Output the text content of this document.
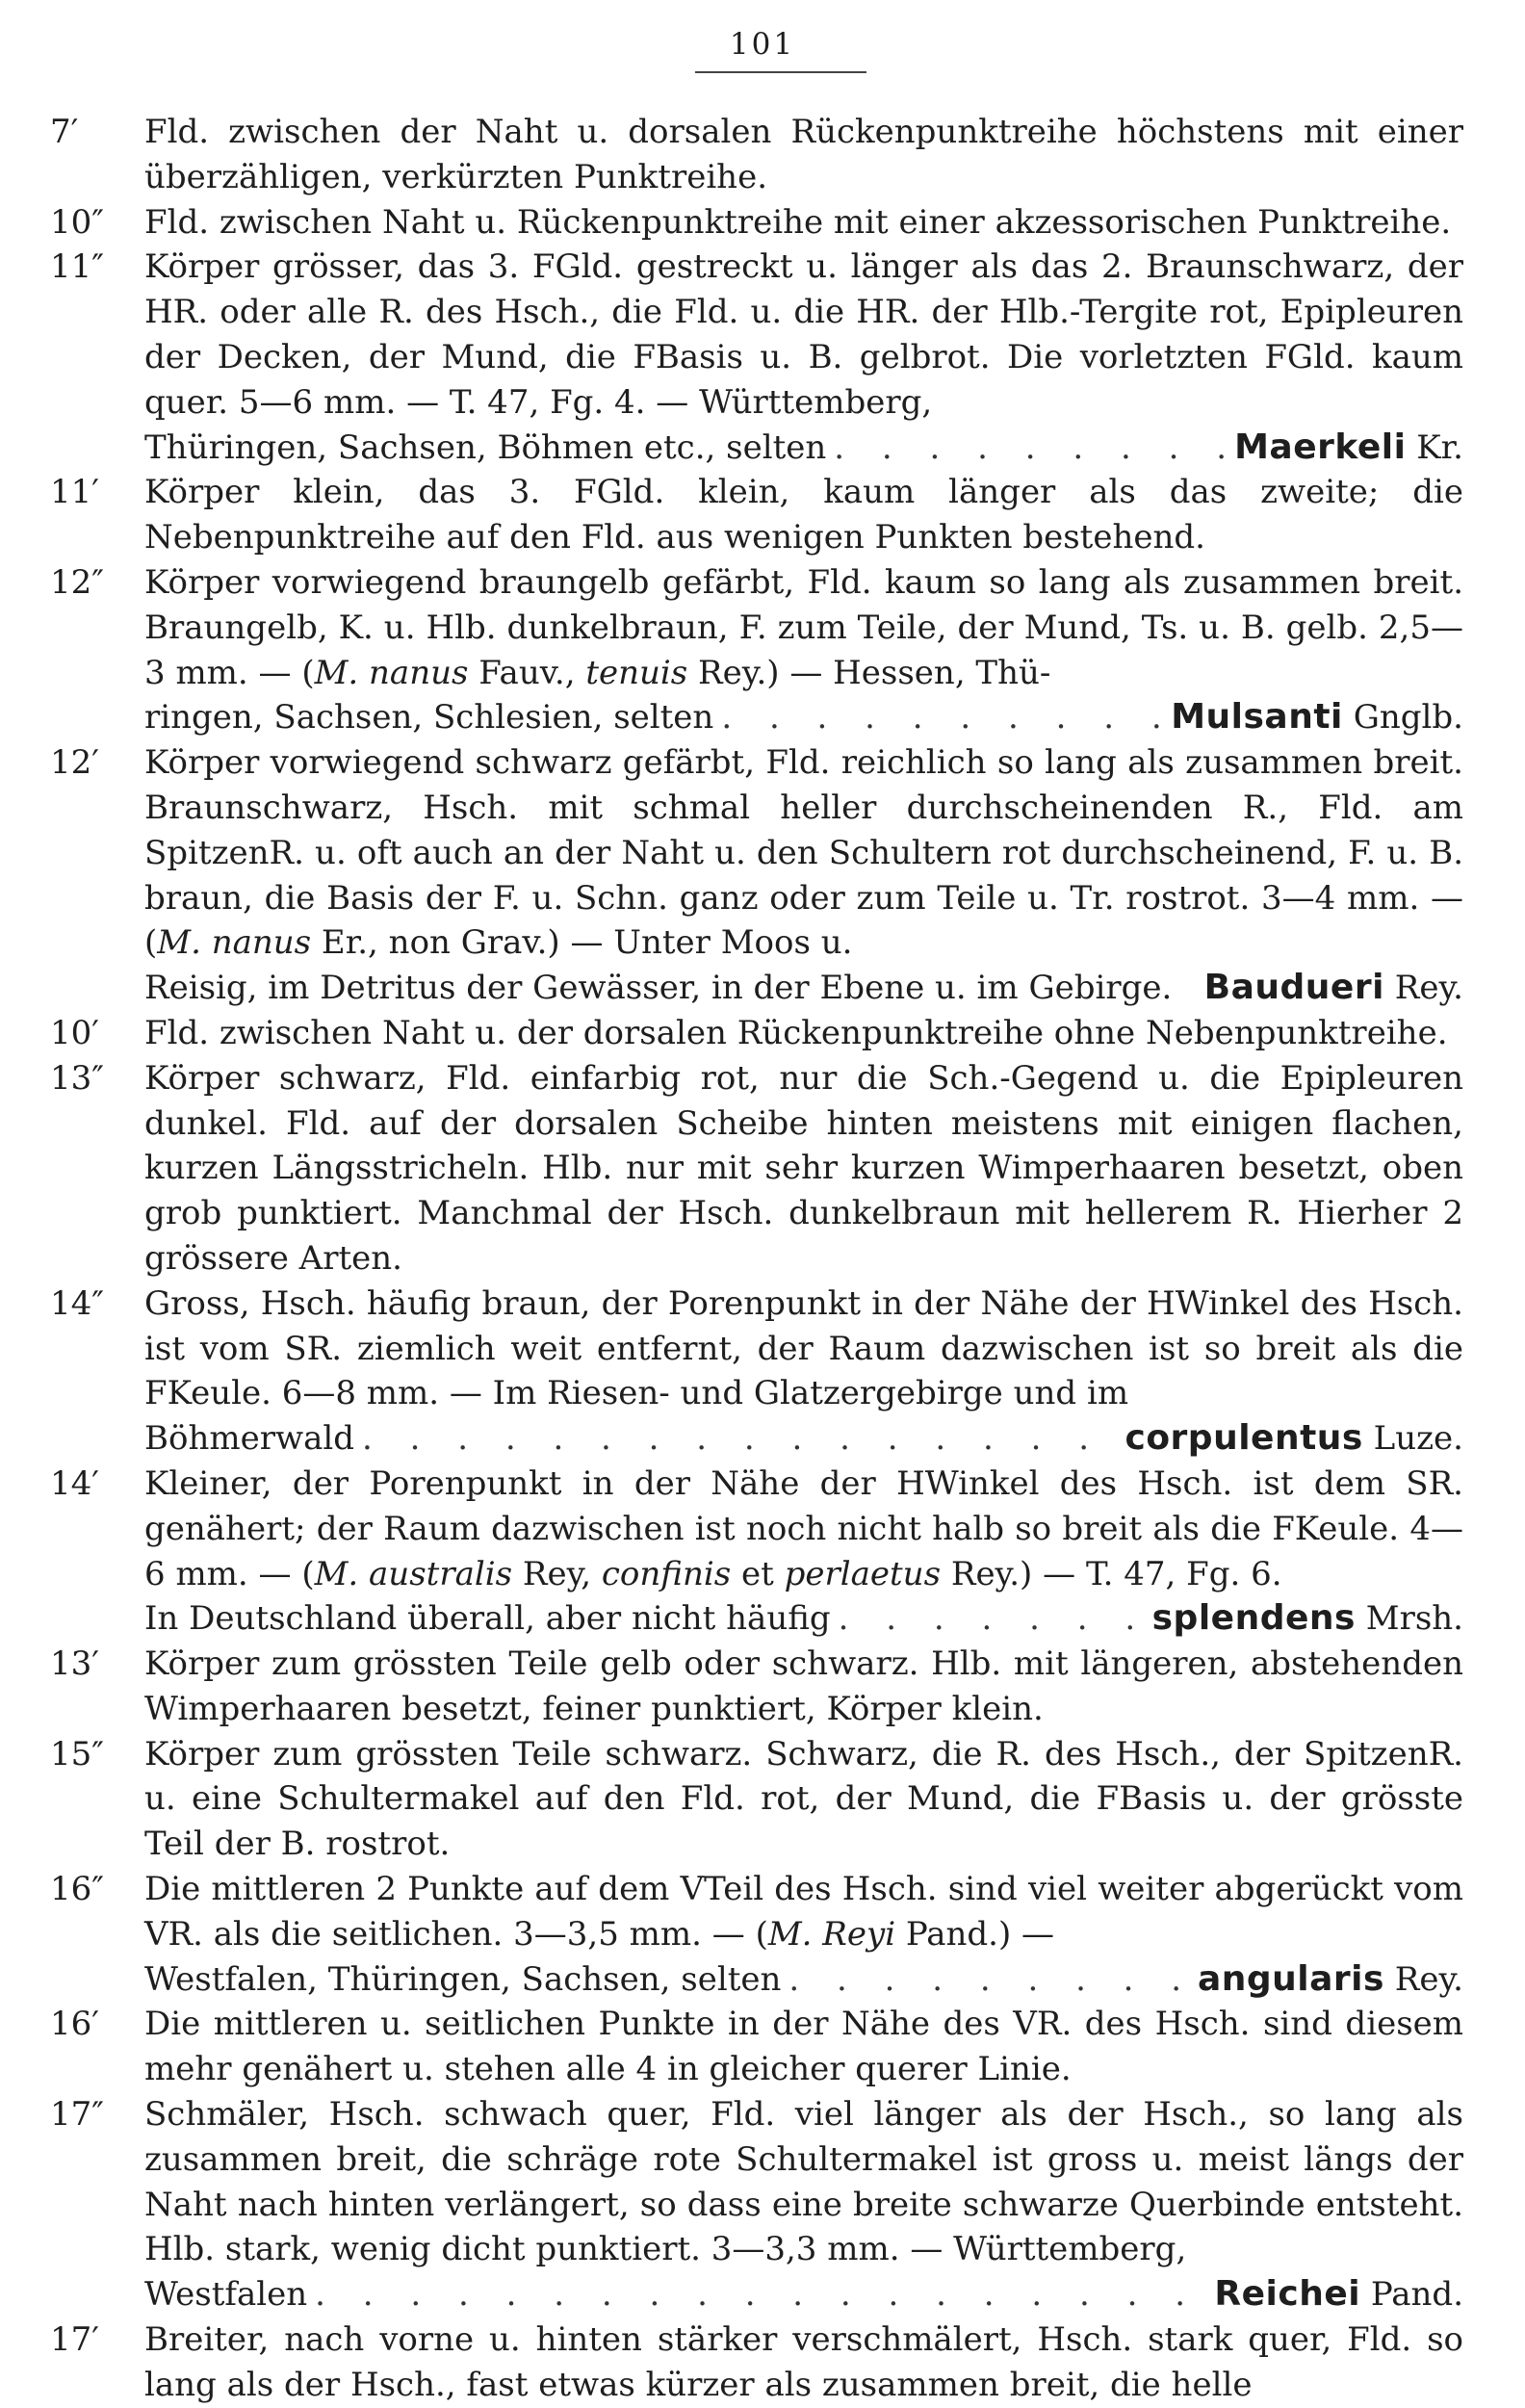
101
7′	Fld. zwischen der Naht u. dorsalen Rückenpunktreihe höchstens mit einer überzähligen, verkürzten Punktreihe.
10″	Fld. zwischen Naht u. Rückenpunktreihe mit einer akzessorischen Punktreihe.
11″	Körper grösser, das 3. FGld. gestreckt u. länger als das 2. Braunschwarz, der HR. oder alle R. des Hsch., die Fld. u. die HR. der Hlb.-Tergite rot, Epipleuren der Decken, der Mund, die FBasis u. B. gelbrot. Die vorletzten FGld. kaum quer. 5—6 mm. — T. 47, Fg. 4. — Württemberg,
Thüringen, Sachsen, Böhmen etc., selten . . .	Maerkeli Kr.
11′	Körper klein, das 3. FGld. klein, kaum länger als das zweite; die Nebenpunktreihe auf den Fld. aus wenigen Punkten bestehend.
12″	Körper vorwiegend braungelb gefärbt, Fld. kaum so lang als zusammen breit. Braungelb, K. u. Hlb. dunkelbraun, F. zum Teile, der Mund, Ts. u. B. gelb. 2,5—3 mm. — (M. nanus Fauv., tenuis Rey.) — Hessen, Thü-
ringen, Sachsen, Schlesien, selten . . .	Mulsanti Gnglb.
12′	Körper vorwiegend schwarz gefärbt, Fld. reichlich so lang als zusammen breit. Braunschwarz, Hsch. mit schmal heller durchscheinenden R., Fld. am SpitzenR. u. oft auch an der Naht u. den Schultern rot durchscheinend, F. u. B. braun, die Basis der F. u. Schn. ganz oder zum Teile u. Tr. rostrot. 3—4 mm. — (M. nanus Er., non Grav.) — Unter Moos u.
Reisig, im Detritus der Gewässer, in der Ebene u. im Gebirge. Baudueri Rey.
10′	Fld. zwischen Naht u. der dorsalen Rückenpunktreihe ohne Nebenpunktreihe.
13″	Körper schwarz, Fld. einfarbig rot, nur die Sch.-Gegend u. die Epipleuren dunkel. Fld. auf der dorsalen Scheibe hinten meistens mit einigen flachen, kurzen Längsstricheln. Hlb. nur mit sehr kurzen Wimperhaaren besetzt, oben grob punktiert. Manchmal der Hsch. dunkelbraun mit hellerem R. Hierher 2 grössere Arten.
14″	Gross, Hsch. häufig braun, der Porenpunkt in der Nähe der HWinkel des Hsch. ist vom SR. ziemlich weit entfernt, der Raum dazwischen ist so breit als die FKeule. 6—8 mm. — Im Riesen- und Glatzergebirge und im
Böhmerwald . . .	corpulentus Luze.
14′	Kleiner, der Porenpunkt in der Nähe der HWinkel des Hsch. ist dem SR. genähert; der Raum dazwischen ist noch nicht halb so breit als die FKeule. 4—6 mm. — (M. australis Rey, confinis et perlaetus Rey.) — T. 47, Fg. 6.
In Deutschland überall, aber nicht häufig . . .	splendens Mrsh.
13′	Körper zum grössten Teile gelb oder schwarz. Hlb. mit längeren, abstehenden Wimperhaaren besetzt, feiner punktiert, Körper klein.
15″	Körper zum grössten Teile schwarz. Schwarz, die R. des Hsch., der SpitzenR. u. eine Schultermakel auf den Fld. rot, der Mund, die FBasis u. der grösste Teil der B. rostrot.
16″	Die mittleren 2 Punkte auf dem VTeil des Hsch. sind viel weiter abgerückt vom VR. als die seitlichen. 3—3,5 mm. — (M. Reyi Pand.) —
Westfalen, Thüringen, Sachsen, selten . . .	angularis Rey.
16′	Die mittleren u. seitlichen Punkte in der Nähe des VR. des Hsch. sind diesem mehr genähert u. stehen alle 4 in gleicher querer Linie.
17″	Schmäler, Hsch. schwach quer, Fld. viel länger als der Hsch., so lang als zusammen breit, die schräge rote Schultermakel ist gross u. meist längs der Naht nach hinten verlängert, so dass eine breite schwarze Querbinde entsteht. Hlb. stark, wenig dicht punktiert. 3—3,3 mm. — Württemberg,
Westfalen . . .	Reichei Pand.
17′	Breiter, nach vorne u. hinten stärker verschmälert, Hsch. stark quer, Fld. so lang als der Hsch., fast etwas kürzer als zusammen breit, die helle
